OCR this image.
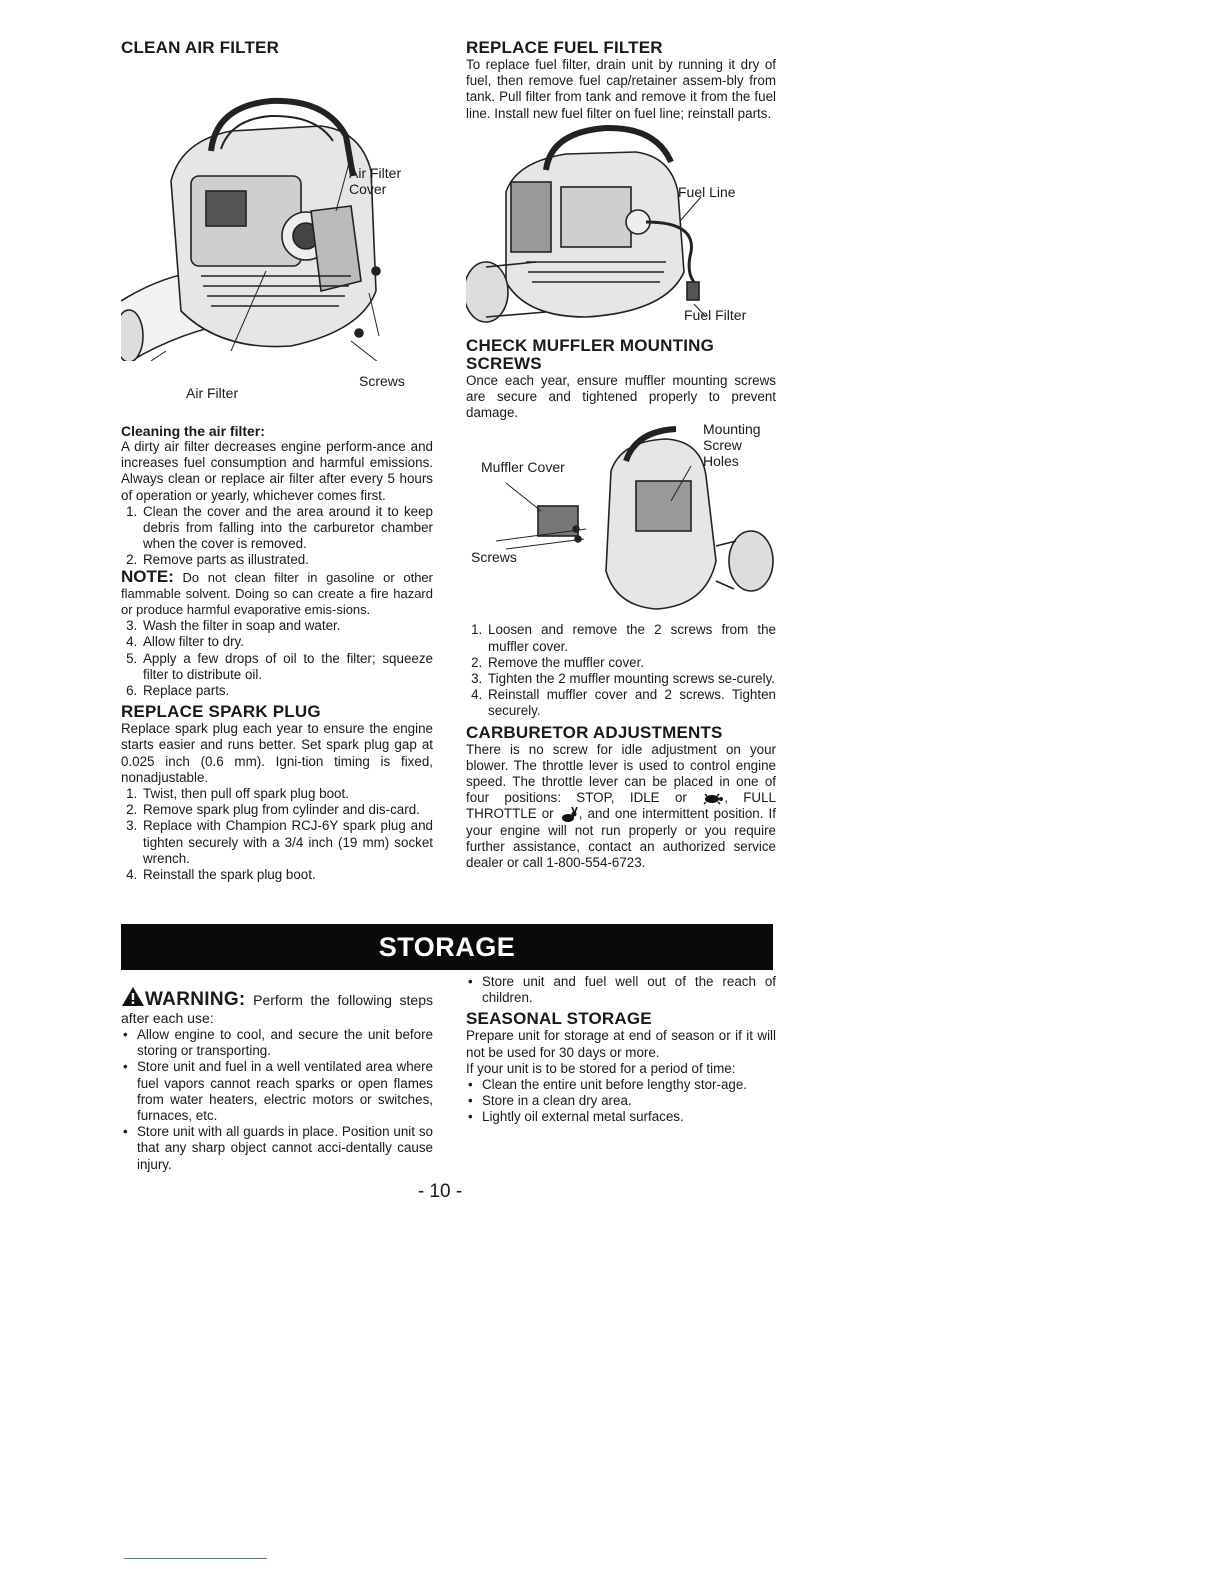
CLEAN AIR FILTER
Air Filter
Cover
Screws
Air Filter
Cleaning the air filter:

A dirty air filter decreases engine perform-ance and increases fuel consumption and harmful emissions. Always clean or replace air filter after every 5 hours of operation or yearly, whichever comes first.

1. Clean the cover and the area around it to keep debris from falling into the carburetor chamber when the cover is removed.
2. Remove parts as illustrated.

NOTE: Do not clean filter in gasoline or other flammable solvent. Doing so can create a fire hazard or produce harmful evaporative emis-sions.

3. Wash the filter in soap and water.
4. Allow filter to dry.
5. Apply a few drops of oil to the filter; squeeze filter to distribute oil.
6. Replace parts.
REPLACE SPARK PLUG

Replace spark plug each year to ensure the engine starts easier and runs better. Set spark plug gap at 0.025 inch (0.6 mm). Igni-tion timing is fixed, nonadjustable.

1. Twist, then pull off spark plug boot.
2. Remove spark plug from cylinder and dis-card.
3. Replace with Champion RCJ-6Y spark plug and tighten securely with a 3/4 inch (19 mm) socket wrench.
4. Reinstall the spark plug boot.
REPLACE FUEL FILTER

To replace fuel filter, drain unit by running it dry of fuel, then remove fuel cap/retainer assem-bly from tank. Pull filter from tank and remove it from the fuel line. Install new fuel filter on fuel line; reinstall parts.

Fuel Line
Fuel Filter
CHECK MUFFLER MOUNTING SCREWS

Once each year, ensure muffler mounting screws are secure and tightened properly to prevent damage.

Mounting
Screw
Holes
Muffler Cover
Screws
1. Loosen and remove the 2 screws from the muffler cover.
2. Remove the muffler cover.
3. Tighten the 2 muffler mounting screws se-curely.
4. Reinstall muffler cover and 2 screws. Tighten securely.
CARBURETOR ADJUSTMENTS

There is no screw for idle adjustment on your blower. The throttle lever is used to control engine speed. The throttle lever can be placed in one of four positions: STOP, IDLE or	, FULL THROTTLE or , and one intermittent position. If your engine will not run properly or you require further assistance, contact an authorized service dealer or call 1-800-554-6723.

STORAGE

WARNING: Perform the following steps after each use:

• Allow engine to cool, and secure the unit before storing or transporting.
• Store unit and fuel in a well ventilated area where fuel vapors cannot reach sparks or open flames from water heaters, electric motors or switches, furnaces, etc.
• Store unit with all guards in place. Position unit so that any sharp object cannot acci-dentally cause injury.
• Store unit and fuel well out of the reach of children.
SEASONAL STORAGE

Prepare unit for storage at end of season or if it will not be used for 30 days or more.

If your unit is to be stored for a period of time:

• Clean the entire unit before lengthy stor-age.
• Store in a clean dry area.
• Lightly oil external metal surfaces.
- 10 -
